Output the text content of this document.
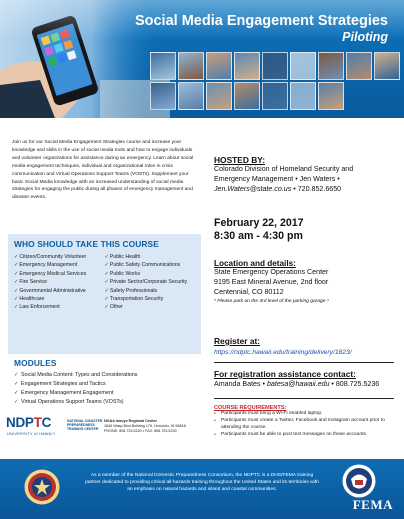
Social Media Engagement Strategies
Piloting

Join us for our Social Media Engagement Strategies course and increase your knowledge and skills in the use of social media tools and how to engage individuals and volunteer organizations for assistance during an emergency. Learn about social media engagement techniques, individual and organizational roles in crisis communication and Virtual Operations Support Teams (VOSTs). Supplement your basic Social Media knowledge with an increased understanding of social media strategies for engaging the public during all phases of emergency management and disaster events.

WHO SHOULD TAKE THIS COURSE
✓Citizen/Community Volunteer
✓Emergency Management
✓Emergency Medical Services
✓Fire Service
✓Governmental Administrative
✓Healthcare
✓Law Enforcement
✓Public Health
✓Public Safety Communications
✓Public Works
✓Private Sector/Corporate Security
✓Safety Professionals
✓Transportation Security
✓Other
MODULES
✓ Social Media Content: Types and Considerations
✓ Engagement Strategies and Tactics
✓ Emergency Management Engagement
✓ Virtual Operations Support Teams (VOSTs)
HOSTED BY:
Colorado Division of Homeland Security and
Emergency Management • Jen Waters •
Jen.Waters@state.co.us • 720.852.6650
February 22, 2017
8:30 am - 4:30 pm
Location and details:
State Emergency Operations Center
9195 East Mineral Avenue, 2nd floor
Centennial, CO 80112
* Please park on the 3rd level of the parking garage *
Register at:
https://ndptc.hawaii.edu/training/delivery/1823/
For registration assistance contact:
Amanda Bates • batesa@hawaii.edu • 808.725.5236
COURSE REQUIREMENTS:
• Participants must bring a Wi-Fi enabled laptop.
• Participants must create a Twitter, Facebook and Instagram account prior to attending the course.
• Participants must be able to post test messages on these accounts.
NDPTC
UNIVERSITY of HAWAI'I
NATIONAL DISASTER
PREPAREDNESS
TRAINING CENTER
NOAA Inouye Regional Center
1845 Wasp Blvd Building 176, Honolulu, HI 96818
PHONE: 808.725.5220 • FAX: 808.725.5230
As a member of the National Domestic Preparedness Consortium, the NDPTC is a DHS/FEMA training partner dedicated to providing critical all-hazards training throughout the United States and its territories with an emphasis on natural hazards and island and coastal communities.
FEMA
